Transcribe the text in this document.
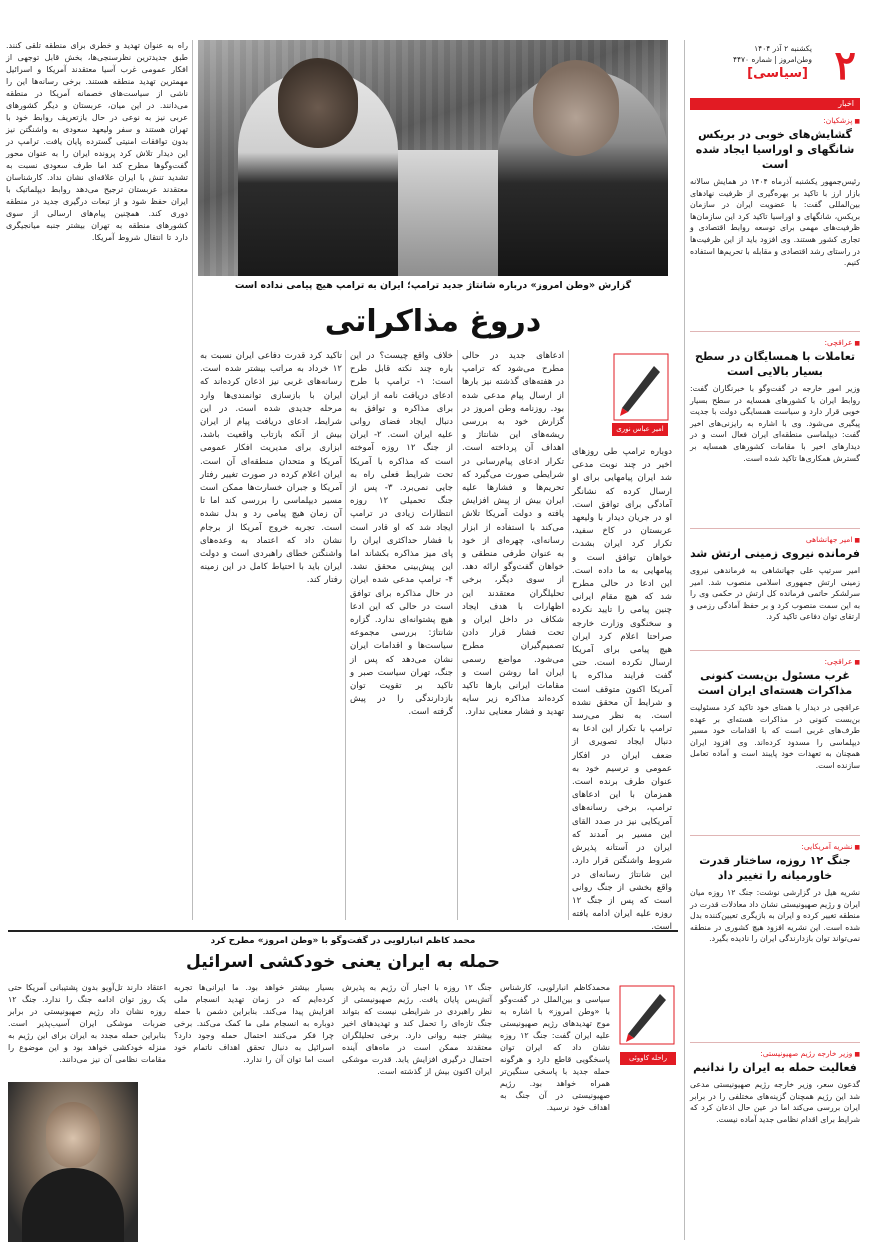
راه به عنوان تهدید و خطری برای منطقه تلقی کنند. طبق جدیدترین نظرسنجی‌ها، بخش قابل توجهی از افکار عمومی غرب آسیا معتقدند آمریکا و اسرائیل مهمترین تهدید منطقه هستند. برخی رسانه‌ها این را ناشی از سیاست‌های خصمانه آمریکا در منطقه می‌دانند. در این میان، عربستان و دیگر کشورهای عربی نیز به نوعی در حال بازتعریف روابط خود با تهران هستند و سفر ولیعهد سعودی به واشنگتن نیز بدون توافقات امنیتی گسترده پایان یافت. ترامپ در این دیدار تلاش کرد پرونده ایران را به عنوان محور گفت‌وگوها مطرح کند اما طرف سعودی نسبت به تشدید تنش با ایران علاقه‌ای نشان نداد. کارشناسان معتقدند عربستان ترجیح می‌دهد روابط دیپلماتیک با ایران حفظ شود و از تبعات درگیری جدید در منطقه دوری کند. همچنین پیام‌های ارسالی از سوی کشورهای منطقه به تهران بیشتر جنبه میانجیگری دارد تا انتقال شروط آمریکا.
گزارش «وطن امروز» درباره شانتاژ جدید ترامپ؛ ایران به ترامپ هیچ پیامی نداده است
دروغ مذاکراتی
امیر عباس نوری
دوباره ترامپ طی روزهای اخیر در چند نوبت مدعی شد ایران پیامهایی برای او ارسال کرده که نشانگر آمادگی برای توافق است. او در جریان دیدار با ولیعهد عربستان در کاخ سفید، تکرار کرد ایران بشدت خواهان توافق است و پیامهایی به ما داده است. این ادعا در حالی مطرح شد که هیچ مقام ایرانی چنین پیامی را تایید نکرده و سخنگوی وزارت خارجه صراحتا اعلام کرد ایران هیچ پیامی برای آمریکا ارسال نکرده است. حتی گفت فرایند مذاکره با آمریکا اکنون متوقف است و شرایط آن محقق نشده است. به نظر می‌رسد ترامپ با تکرار این ادعا به دنبال ایجاد تصویری از ضعف ایران در افکار عمومی و ترسیم خود به عنوان طرف برنده است. همزمان با این ادعاهای ترامپ، برخی رسانه‌های آمریکایی نیز در صدد القای این مسیر بر آمدند که ایران در آستانه پذیرش شروط واشنگتن قرار دارد. این شانتاژ رسانه‌ای در واقع بخشی از جنگ روانی است که پس از جنگ ۱۲ روزه علیه ایران ادامه یافته است.
ادعاهای جدید در حالی مطرح می‌شود که ترامپ در هفته‌های گذشته نیز بارها از ارسال پیام مدعی شده بود. روزنامه وطن امروز در گزارش خود به بررسی ریشه‌های این شانتاژ و اهداف آن پرداخته است. تکرار ادعای پیام‌رسانی در شرایطی صورت می‌گیرد که تحریم‌ها و فشارها علیه ایران بیش از پیش افزایش یافته و دولت آمریکا تلاش می‌کند با استفاده از ابزار رسانه‌ای، چهره‌ای از خود به عنوان طرفی منطقی و خواهان گفت‌وگو ارائه دهد. از سوی دیگر، برخی تحلیلگران معتقدند این اظهارات با هدف ایجاد شکاف در داخل ایران و تحت فشار قرار دادن تصمیم‌گیران مطرح می‌شود. مواضع رسمی ایران اما روشن است و مقامات ایرانی بارها تاکید کرده‌اند مذاکره زیر سایه تهدید و فشار معنایی ندارد.
خلاف واقع چیست؟ در این باره چند نکته قابل طرح است: ۱- ترامپ با طرح ادعای دریافت نامه از ایران برای مذاکره و توافق به دنبال ایجاد فضای روانی علیه ایران است. ۲- ایران از جنگ ۱۲ روزه آموخته است که مذاکره با آمریکا تحت شرایط فعلی راه به جایی نمی‌برد. ۳- پس از جنگ تحمیلی ۱۲ روزه انتظارات زیادی در ترامپ ایجاد شد که او قادر است با فشار حداکثری ایران را پای میز مذاکره بکشاند اما این پیش‌بینی محقق نشد. ۴- ترامپ مدعی شده ایران در حال مذاکره برای توافق است در حالی که این ادعا هیچ پشتوانه‌ای ندارد. گزاره شانتاژ: بررسی مجموعه سیاست‌ها و اقدامات ایران نشان می‌دهد که پس از جنگ، تهران سیاست صبر و تاکید بر تقویت توان بازدارندگی را در پیش گرفته است.
تاکید کرد قدرت دفاعی ایران نسبت به ۱۲ خرداد به مراتب بیشتر شده است. رسانه‌های غربی نیز اذعان کرده‌اند که ایران با بازسازی توانمندی‌ها وارد مرحله جدیدی شده است. در این شرایط، ادعای دریافت پیام از ایران بیش از آنکه بازتاب واقعیت باشد، ابزاری برای مدیریت افکار عمومی آمریکا و متحدان منطقه‌ای آن است. ایران اعلام کرده در صورت تغییر رفتار آمریکا و جبران خسارت‌ها ممکن است مسیر دیپلماسی را بررسی کند اما تا آن زمان هیچ پیامی رد و بدل نشده است. تجربه خروج آمریکا از برجام نشان داد که اعتماد به وعده‌های واشنگتن خطای راهبردی است و دولت ایران باید با احتیاط کامل در این زمینه رفتار کند.
محمد کاظم انبارلویی در گفت‌وگو با «وطن امروز» مطرح کرد
حمله به ایران یعنی خودکشی اسرائیل
راحله کاووئی
محمدکاظم انبارلویی، کارشناس سیاسی و بین‌الملل در گفت‌وگو با «وطن امروز» با اشاره به موج تهدیدهای رژیم صهیونیستی علیه ایران گفت: جنگ ۱۲ روزه نشان داد که ایران توان پاسخگویی قاطع دارد و هرگونه حمله جدید با پاسخی سنگین‌تر همراه خواهد بود. رژیم صهیونیستی در آن جنگ به اهداف خود نرسید.
جنگ ۱۲ روزه با اجبار آن رژیم به پذیرش آتش‌بس پایان یافت. رژیم صهیونیستی از نظر راهبردی در شرایطی نیست که بتواند جنگ تازه‌ای را تحمل کند و تهدیدهای اخیر بیشتر جنبه روانی دارد. برخی تحلیلگران معتقدند ممکن است در ماه‌های آینده احتمال درگیری افزایش یابد. قدرت موشکی ایران اکنون بیش از گذشته است.
بسیار بیشتر خواهد بود. ما ایرانی‌ها تجربه کرده‌ایم که در زمان تهدید انسجام ملی افزایش پیدا می‌کند. بنابراین دشمن با حمله دوباره به انسجام ملی ما کمک می‌کند. برخی چرا فکر می‌کنند احتمال حمله وجود دارد؟ اسرائیل به دنبال تحقق اهداف ناتمام خود است اما توان آن را ندارد.
اعتقاد دارند تل‌آویو بدون پشتیبانی آمریکا حتی یک روز توان ادامه جنگ را ندارد. جنگ ۱۲ روزه نشان داد رژیم صهیونیستی در برابر ضربات موشکی ایران آسیب‌پذیر است. بنابراین حمله مجدد به ایران برای این رژیم به منزله خودکشی خواهد بود و این موضوع را مقامات نظامی آن نیز می‌دانند.
۲
یکشنبه ۲ آذر ۱۴۰۴
وطن‌امروز | شماره ۴۴۷۰
[ سیاسی ]
اخبار
■ پزشکیان:
گشایش‌های خوبی در بریکس شانگهای و اوراسیا ایجاد شده است
رئیس‌جمهور یکشنبه آذرماه ۱۴۰۴ در همایش سالانه بازار ارز با تاکید بر بهره‌گیری از ظرفیت نهادهای بین‌المللی گفت: با عضویت ایران در سازمان بریکس، شانگهای و اوراسیا تاکید کرد این سازمان‌ها ظرفیت‌های مهمی برای توسعه روابط اقتصادی و تجاری کشور هستند. وی افزود باید از این ظرفیت‌ها در راستای رشد اقتصادی و مقابله با تحریم‌ها استفاده کنیم.
■ عراقچی:
تعاملات با همسایگان در سطح بسیار بالایی است
وزیر امور خارجه در گفت‌وگو با خبرنگاران گفت: روابط ایران با کشورهای همسایه در سطح بسیار خوبی قرار دارد و سیاست همسایگی دولت با جدیت پیگیری می‌شود. وی با اشاره به رایزنی‌های اخیر گفت: دیپلماسی منطقه‌ای ایران فعال است و در دیدارهای اخیر با مقامات کشورهای همسایه بر گسترش همکاری‌ها تاکید شده است.
■ امیر جهانشاهی
فرمانده نیروی زمینی ارتش شد
امیر سرتیپ علی جهانشاهی به فرماندهی نیروی زمینی ارتش جمهوری اسلامی منصوب شد. امیر سرلشکر حاتمی فرمانده کل ارتش در حکمی وی را به این سمت منصوب کرد و بر حفظ آمادگی رزمی و ارتقای توان دفاعی تاکید کرد.
■ عراقچی:
غرب مسئول بن‌بست کنونی مذاکرات هسته‌ای ایران است
عراقچی در دیدار با همتای خود تاکید کرد مسئولیت بن‌بست کنونی در مذاکرات هسته‌ای بر عهده طرف‌های غربی است که با اقدامات خود مسیر دیپلماسی را مسدود کرده‌اند. وی افزود ایران همچنان به تعهدات خود پایبند است و آماده تعامل سازنده است.
■ نشریه آمریکایی:
جنگ ۱۲ روزه، ساختار قدرت خاورمیانه را تغییر داد
نشریه هیل در گزارشی نوشت: جنگ ۱۲ روزه میان ایران و رژیم صهیونیستی نشان داد معادلات قدرت در منطقه تغییر کرده و ایران به بازیگری تعیین‌کننده بدل شده است. این نشریه افزود هیچ کشوری در منطقه نمی‌تواند توان بازدارندگی ایران را نادیده بگیرد.
■ وزیر خارجه رژیم صهیونیستی:
فعالیت حمله به ایران را ندانیم
گدعون سعر، وزیر خارجه رژیم صهیونیستی مدعی شد این رژیم همچنان گزینه‌های مختلفی را در برابر ایران بررسی می‌کند اما در عین حال اذعان کرد که شرایط برای اقدام نظامی جدید آماده نیست.
